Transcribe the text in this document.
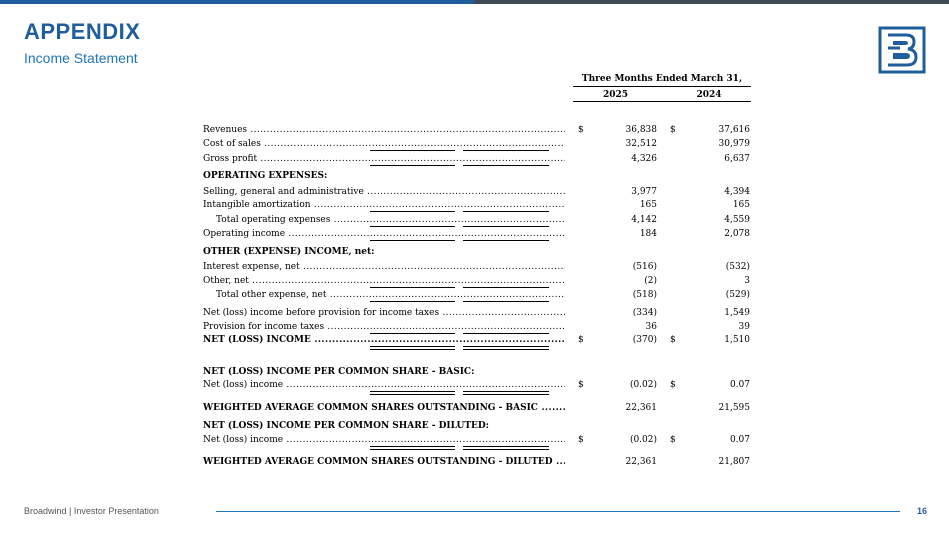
APPENDIX
Income Statement
Three Months Ended March 31,
2025	2024
Revenues .....	$	36,838 $	37,616
Cost of sales .....	32,512	30,979
Gross profit .....	4,326	6,637
OPERATING EXPENSES:
Selling, general and administrative .....	3,977	4,394
Intangible amortization .....	165	165
Total operating expenses .....	4,142	4,559
Operating income .....	184	2,078
OTHER (EXPENSE) INCOME, net:
Interest expense, net .....	(516)	(532)
Other, net .....	(2)	3
Total other expense, net .....	(518)	(529)
Net (loss) income before provision for income taxes .....	(334)	1,549
Provision for income taxes .....	36	39
NET (LOSS) INCOME .....	$	(370) $	1,510
NET (LOSS) INCOME PER COMMON SHARE - BASIC:
Net (loss) income .....	$	(0.02) $	0.07
WEIGHTED AVERAGE COMMON SHARES OUTSTANDING - BASIC .....	22,361	21,595
NET (LOSS) INCOME PER COMMON SHARE - DILUTED:
Net (loss) income .....	$	(0.02) $	0.07
WEIGHTED AVERAGE COMMON SHARES OUTSTANDING - DILUTED .....	22,361	21,807
Broadwind | Investor Presentation	16
